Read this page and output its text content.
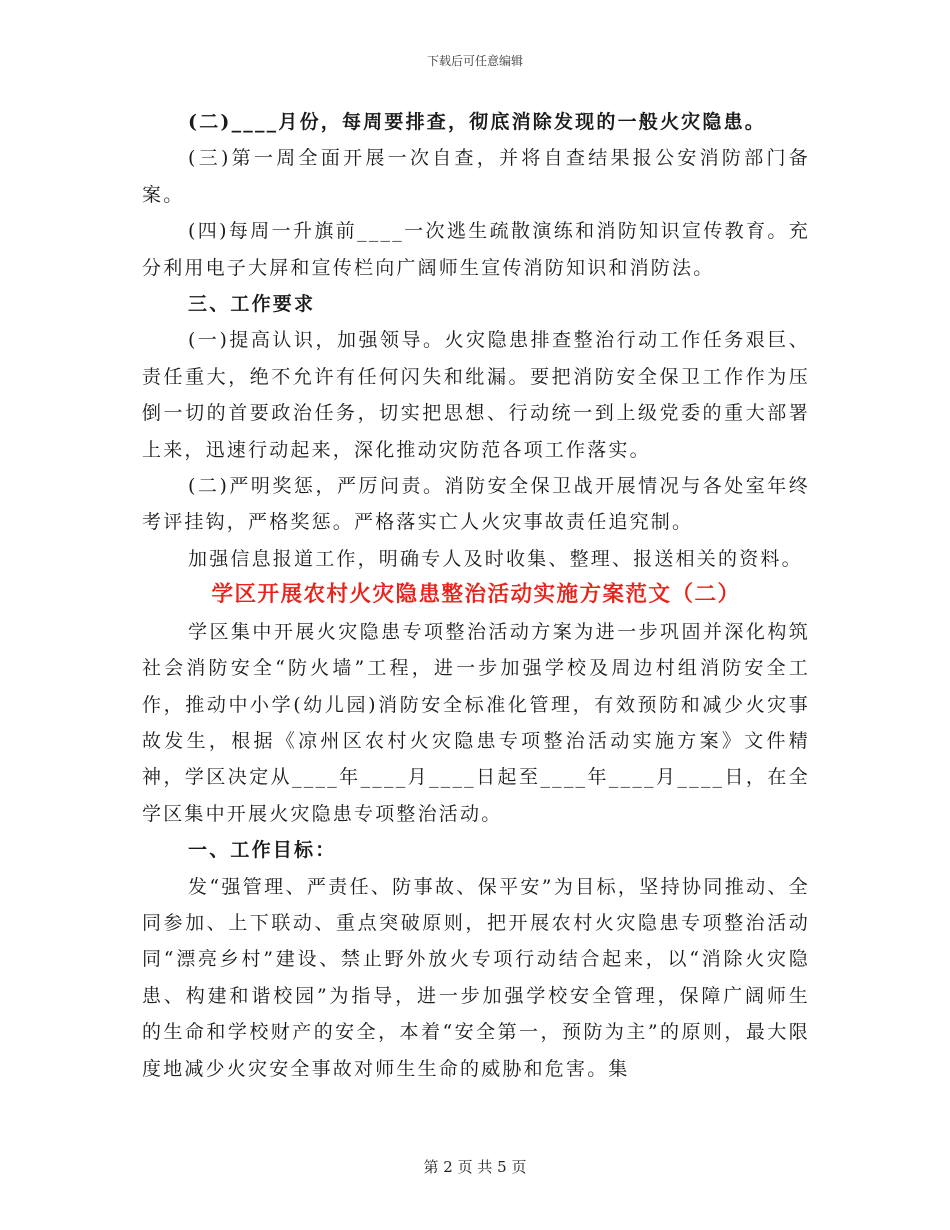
下载后可任意编辑

(二)____月份，每周要排查，彻底消除发现的一般火灾隐患。

(三)第一周全面开展一次自查，并将自查结果报公安消防部门备案。

(四)每周一升旗前____一次逃生疏散演练和消防知识宣传教育。充分利用电子大屏和宣传栏向广阔师生宣传消防知识和消防法。

三、工作要求

(一)提高认识，加强领导。火灾隐患排查整治行动工作任务艰巨、责任重大，绝不允许有任何闪失和纰漏。要把消防安全保卫工作作为压倒一切的首要政治任务，切实把思想、行动统一到上级党委的重大部署上来，迅速行动起来，深化推动灾防范各项工作落实。

(二)严明奖惩，严厉问责。消防安全保卫战开展情况与各处室年终考评挂钩，严格奖惩。严格落实亡人火灾事故责任追究制。

加强信息报道工作，明确专人及时收集、整理、报送相关的资料。

学区开展农村火灾隐患整治活动实施方案范文（二）

学区集中开展火灾隐患专项整治活动方案为进一步巩固并深化构筑社会消防安全“防火墙”工程，进一步加强学校及周边村组消防安全工作，推动中小学(幼儿园)消防安全标准化管理，有效预防和减少火灾事故发生，根据《凉州区农村火灾隐患专项整治活动实施方案》文件精神，学区决定从____年____月____日起至____年____月____日，在全学区集中开展火灾隐患专项整治活动。

一、工作目标：

发“强管理、严责任、防事故、保平安”为目标，坚持协同推动、全同参加、上下联动、重点突破原则，把开展农村火灾隐患专项整治活动同“漂亮乡村”建设、禁止野外放火专项行动结合起来，以“消除火灾隐患、构建和谐校园”为指导，进一步加强学校安全管理，保障广阔师生的生命和学校财产的安全，本着“安全第一，预防为主”的原则，最大限度地减少火灾安全事故对师生生命的威胁和危害。集

第 2 页 共 5 页
